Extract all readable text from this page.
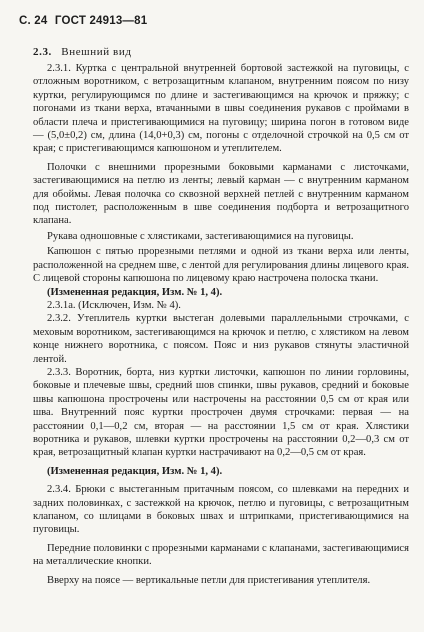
С. 24 ГОСТ 24913—81
2.3. Внешний вид

2.3.1. Куртка с центральной внутренней бортовой застежкой на пуговицы, с отложным воротником, с ветрозащитным клапаном, внутренним поясом по низу куртки, регулирующимся по длине и застегивающимся на крючок и пряжку; с погонами из ткани верха, втачанными в швы соединения рукавов с проймами в области плеча и пристегивающимися на пуговицу; ширина погон в готовом виде — (5,0±0,2) см, длина (14,0+0,3) см, погоны с отделочной строчкой на 0,5 см от края; с пристегивающимся капюшоном и утеплителем.

Полочки с внешними прорезными боковыми карманами с листочками, застегивающимися на петлю из ленты; левый карман — с внутренним карманом для обоймы. Левая полочка со сквозной верхней петлей с внутренним карманом под пистолет, расположенным в шве соединения подборта и ветрозащитного клапана.

Рукава одношовные с хлястиками, застегивающимися на пуговицы.

Капюшон с пятью прорезными петлями и одной из ткани верха или ленты, расположенной на среднем шве, с лентой для регулирования длины лицевого края. С лицевой стороны капюшона по лицевому краю настрочена полоска ткани.

(Измененная редакция, Изм. № 1, 4).

2.3.1а. (Исключен, Изм. № 4).

2.3.2. Утеплитель куртки выстеган долевыми параллельными строчками, с меховым воротником, застегивающимся на крючок и петлю, с хлястиком на левом конце нижнего воротника, с поясом. Пояс и низ рукавов стянуты эластичной лентой.

2.3.3. Воротник, борта, низ куртки листочки, капюшон по линии горловины, боковые и плечевые швы, средний шов спинки, швы рукавов, средний и боковые швы капюшона прострочены или настрочены на расстоянии 0,5 см от края или шва. Внутренний пояс куртки прострочен двумя строчками: первая — на расстоянии 0,1—0,2 см, вторая — на расстоянии 1,5 см от края. Хлястики воротника и рукавов, шлевки куртки прострочены на расстоянии 0,2—0,3 см от края, ветрозащитный клапан куртки настрачивают на 0,2—0,5 см от края.

(Измененная редакция, Изм. № 1, 4).

2.3.4. Брюки с выстеганным притачным поясом, со шлевками на передних и задних половинках, с застежкой на крючок, петлю и пуговицы, с ветрозащитным клапаном, со шлицами в боковых швах и штрипками, пристегивающимися на пуговицы.

Передние половинки с прорезными карманами с клапанами, застегивающимися на металлические кнопки.

Вверху на поясе — вертикальные петли для пристегивания утеплителя.
